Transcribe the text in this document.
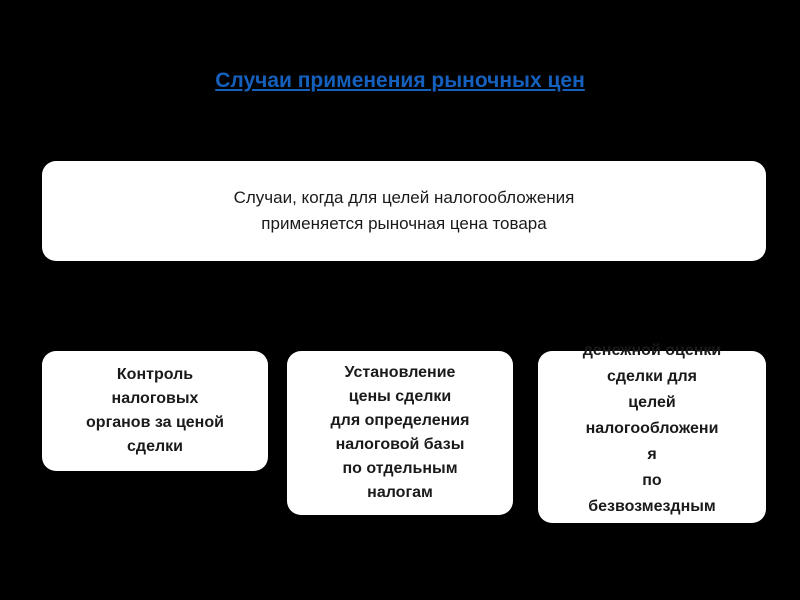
Случаи применения рыночных цен
Случаи, когда для целей налогообложения
применяется рыночная цена товара
Контроль
налоговых
органов за ценой
сделки
Установление
цены сделки
для определения
налоговой базы
по отдельным
налогам
денежной оценки
сделки для
целей
налогообложени
я
по
безвозмездным
